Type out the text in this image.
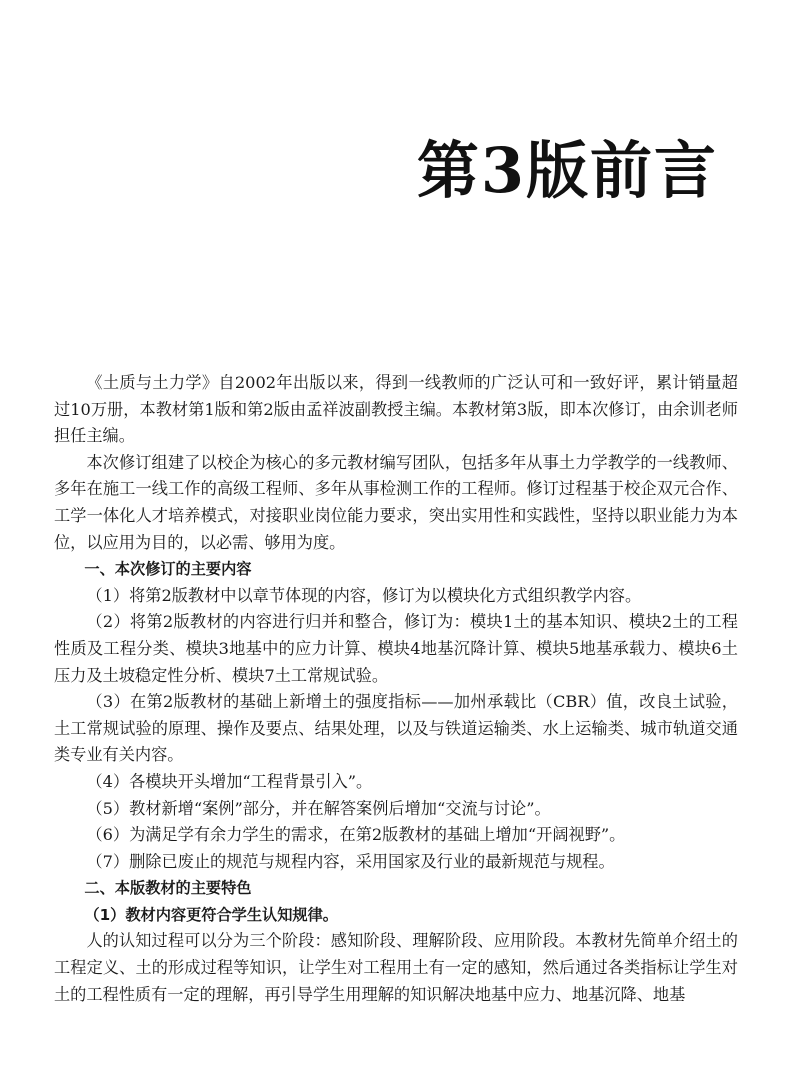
第3版前言

《土质与土力学》自2002年出版以来，得到一线教师的广泛认可和一致好评，累计销量超过10万册，本教材第1版和第2版由孟祥波副教授主编。本教材第3版，即本次修订，由余训老师担任主编。

本次修订组建了以校企为核心的多元教材编写团队，包括多年从事土力学教学的一线教师、多年在施工一线工作的高级工程师、多年从事检测工作的工程师。修订过程基于校企双元合作、工学一体化人才培养模式，对接职业岗位能力要求，突出实用性和实践性，坚持以职业能力为本位，以应用为目的，以必需、够用为度。

一、本次修订的主要内容

（1）将第2版教材中以章节体现的内容，修订为以模块化方式组织教学内容。

（2）将第2版教材的内容进行归并和整合，修订为：模块1土的基本知识、模块2土的工程性质及工程分类、模块3地基中的应力计算、模块4地基沉降计算、模块5地基承载力、模块6土压力及土坡稳定性分析、模块7土工常规试验。

（3）在第2版教材的基础上新增土的强度指标——加州承载比（CBR）值，改良土试验，土工常规试验的原理、操作及要点、结果处理，以及与铁道运输类、水上运输类、城市轨道交通类专业有关内容。

（4）各模块开头增加“工程背景引入”。

（5）教材新增“案例”部分，并在解答案例后增加“交流与讨论”。

（6）为满足学有余力学生的需求，在第2版教材的基础上增加“开阔视野”。

（7）删除已废止的规范与规程内容，采用国家及行业的最新规范与规程。

二、本版教材的主要特色
（1）教材内容更符合学生认知规律。

人的认知过程可以分为三个阶段：感知阶段、理解阶段、应用阶段。本教材先简单介绍土的工程定义、土的形成过程等知识，让学生对工程用土有一定的感知，然后通过各类指标让学生对土的工程性质有一定的理解，再引导学生用理解的知识解决地基中应力、地基沉降、地基
